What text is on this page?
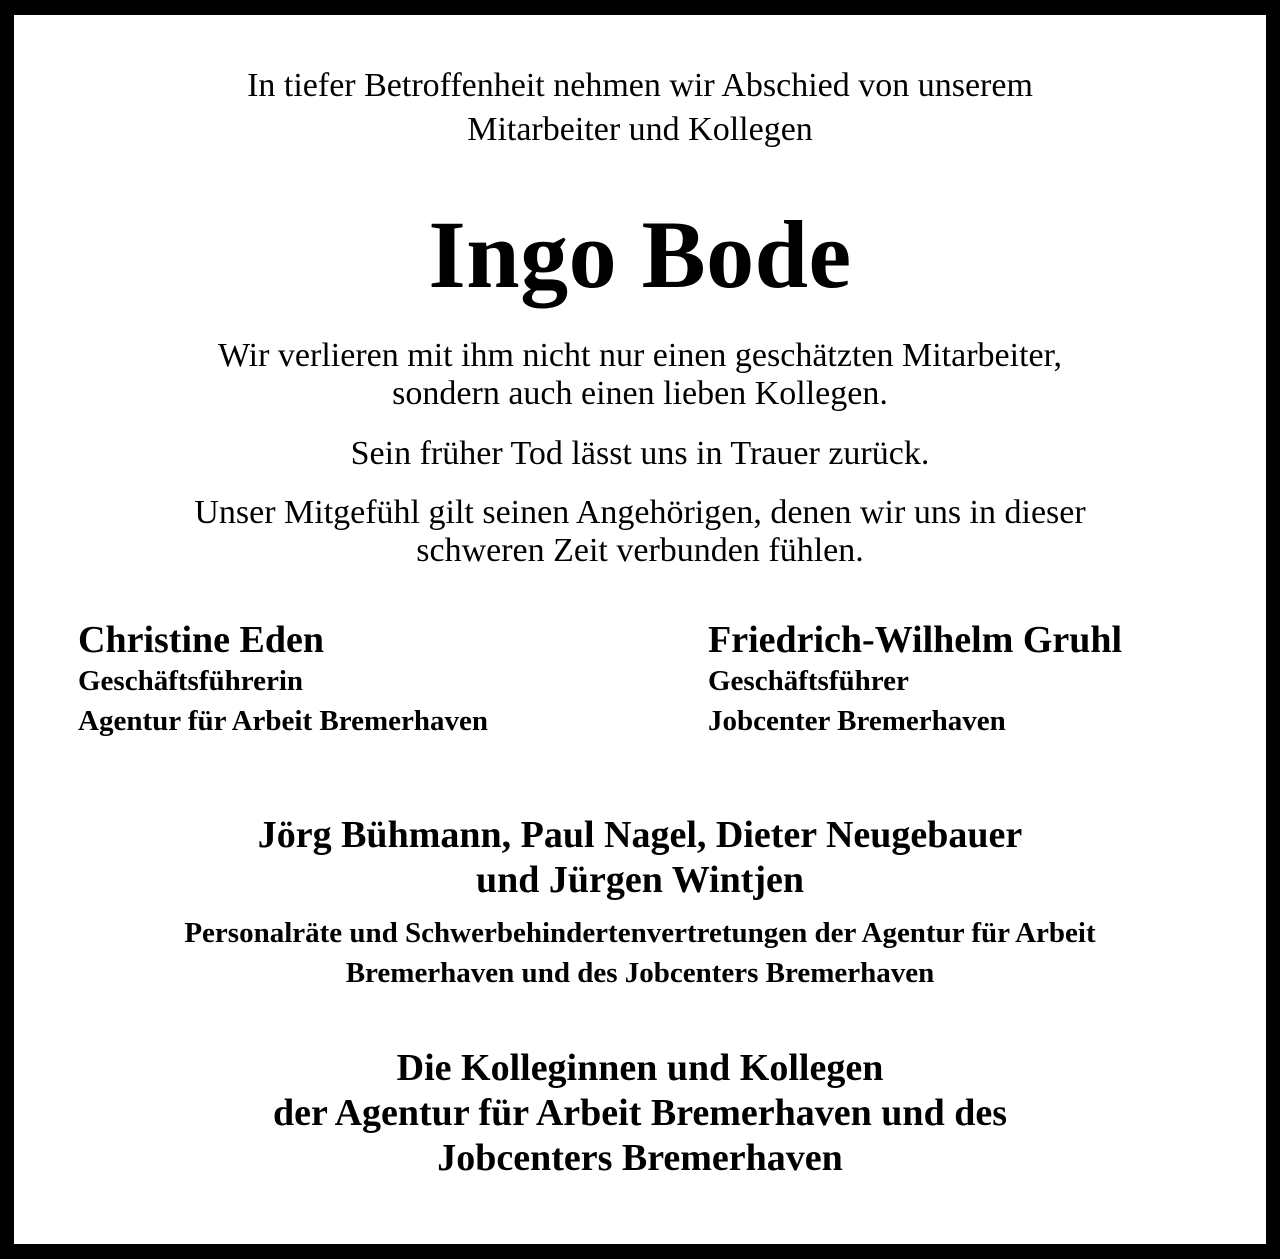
In tiefer Betroffenheit nehmen wir Abschied von unserem
Mitarbeiter und Kollegen
Ingo Bode
Wir verlieren mit ihm nicht nur einen geschätzten Mitarbeiter,
sondern auch einen lieben Kollegen.
Sein früher Tod lässt uns in Trauer zurück.
Unser Mitgefühl gilt seinen Angehörigen, denen wir uns in dieser
schweren Zeit verbunden fühlen.
Christine Eden
Geschäftsführerin
Agentur für Arbeit Bremerhaven
Friedrich-Wilhelm Gruhl
Geschäftsführer
Jobcenter Bremerhaven
Jörg Bühmann, Paul Nagel, Dieter Neugebauer
und Jürgen Wintjen
Personalräte und Schwerbehindertenvertretungen der Agentur für Arbeit
Bremerhaven und des Jobcenters Bremerhaven
Die Kolleginnen und Kollegen
der Agentur für Arbeit Bremerhaven und des
Jobcenters Bremerhaven
